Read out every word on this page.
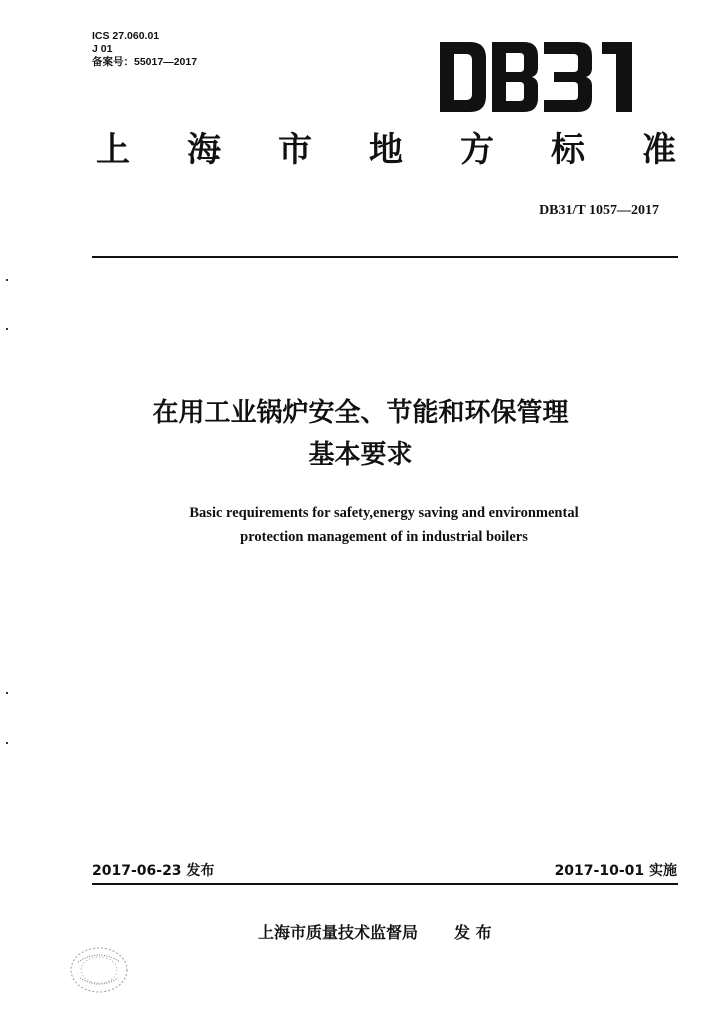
ICS 27.060.01
J 01
备案号：55017—2017
上 海 市 地 方 标 准
DB31/T 1057—2017
在用工业锅炉安全、节能和环保管理
基本要求
Basic requirements for safety,energy saving and environmental
protection management of in industrial boilers
2017-06-23 发布	2017-10-01 实施
上海市质量技术监督局 发 布
